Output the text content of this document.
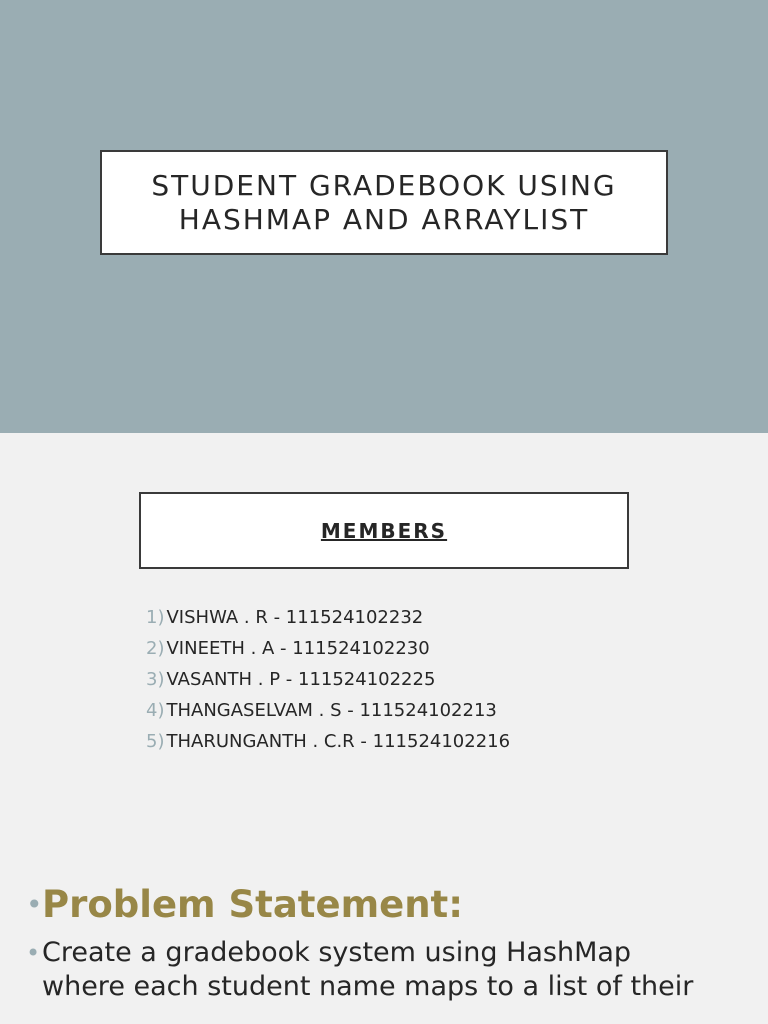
STUDENT GRADEBOOK USING
HASHMAP AND ARRAYLIST
MEMBERS
1) VISHWA . R - 111524102232
2) VINEETH . A - 111524102230
3) VASANTH . P - 111524102225
4) THANGASELVAM . S - 111524102213
5) THARUNGANTH . C.R - 111524102216
• Problem Statement:
• Create a gradebook system using HashMap where each student name maps to a list of their
